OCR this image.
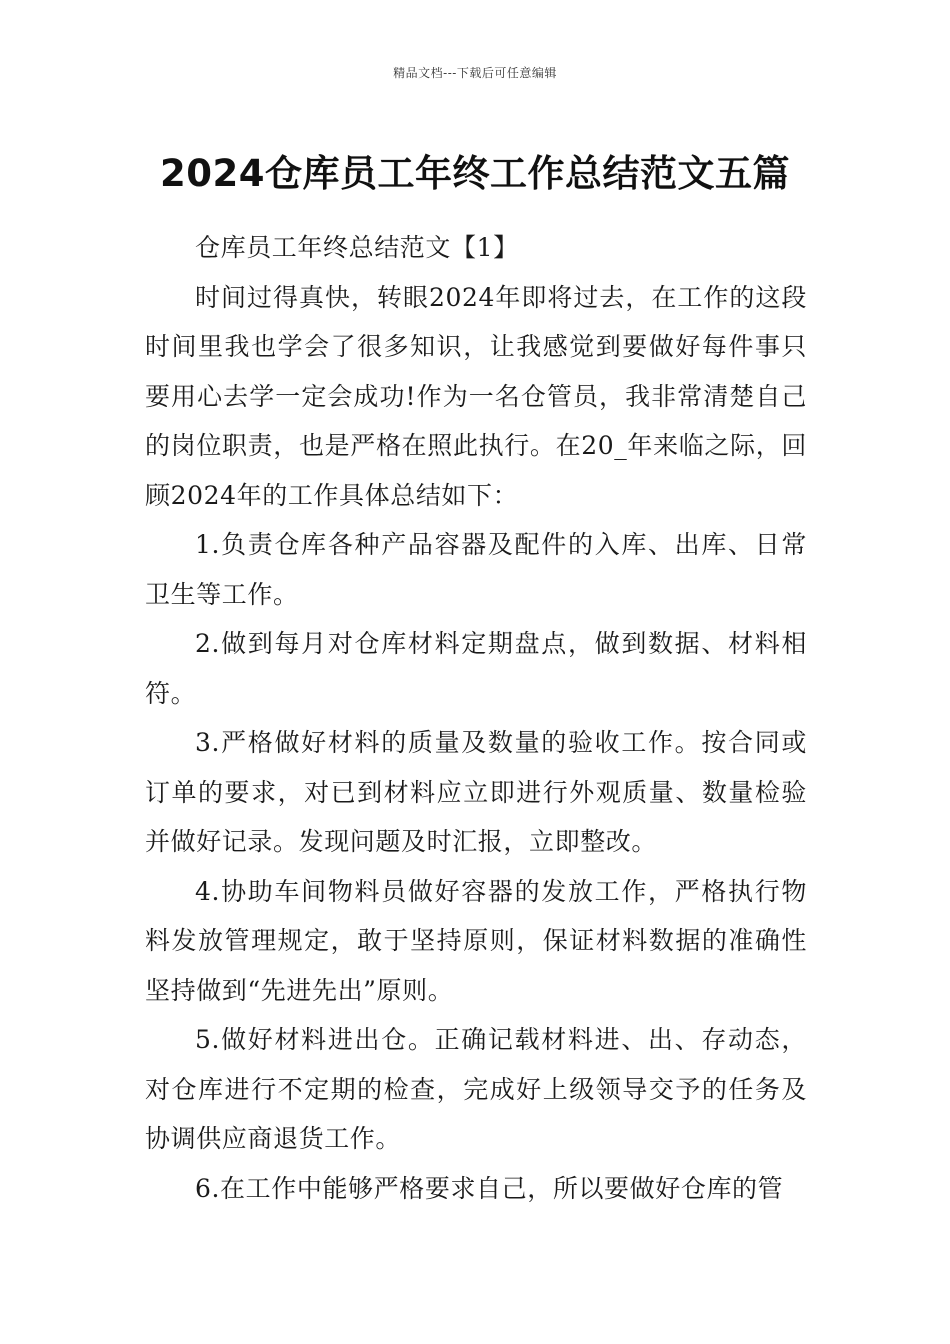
精品文档---下载后可任意编辑
2024仓库员工年终工作总结范文五篇

仓库员工年终总结范文【1】

时间过得真快，转眼2024年即将过去，在工作的这段时间里我也学会了很多知识，让我感觉到要做好每件事只要用心去学一定会成功!作为一名仓管员，我非常清楚自己的岗位职责，也是严格在照此执行。在20_年来临之际，回顾2024年的工作具体总结如下：

1.负责仓库各种产品容器及配件的入库、出库、日常卫生等工作。

2.做到每月对仓库材料定期盘点，做到数据、材料相符。

3.严格做好材料的质量及数量的验收工作。按合同或订单的要求，对已到材料应立即进行外观质量、数量检验并做好记录。发现问题及时汇报，立即整改。

4.协助车间物料员做好容器的发放工作，严格执行物料发放管理规定，敢于坚持原则，保证材料数据的准确性坚持做到“先进先出”原则。

5.做好材料进出仓。正确记载材料进、出、存动态，对仓库进行不定期的检查，完成好上级领导交予的任务及协调供应商退货工作。

6.在工作中能够严格要求自己，所以要做好仓库的管
